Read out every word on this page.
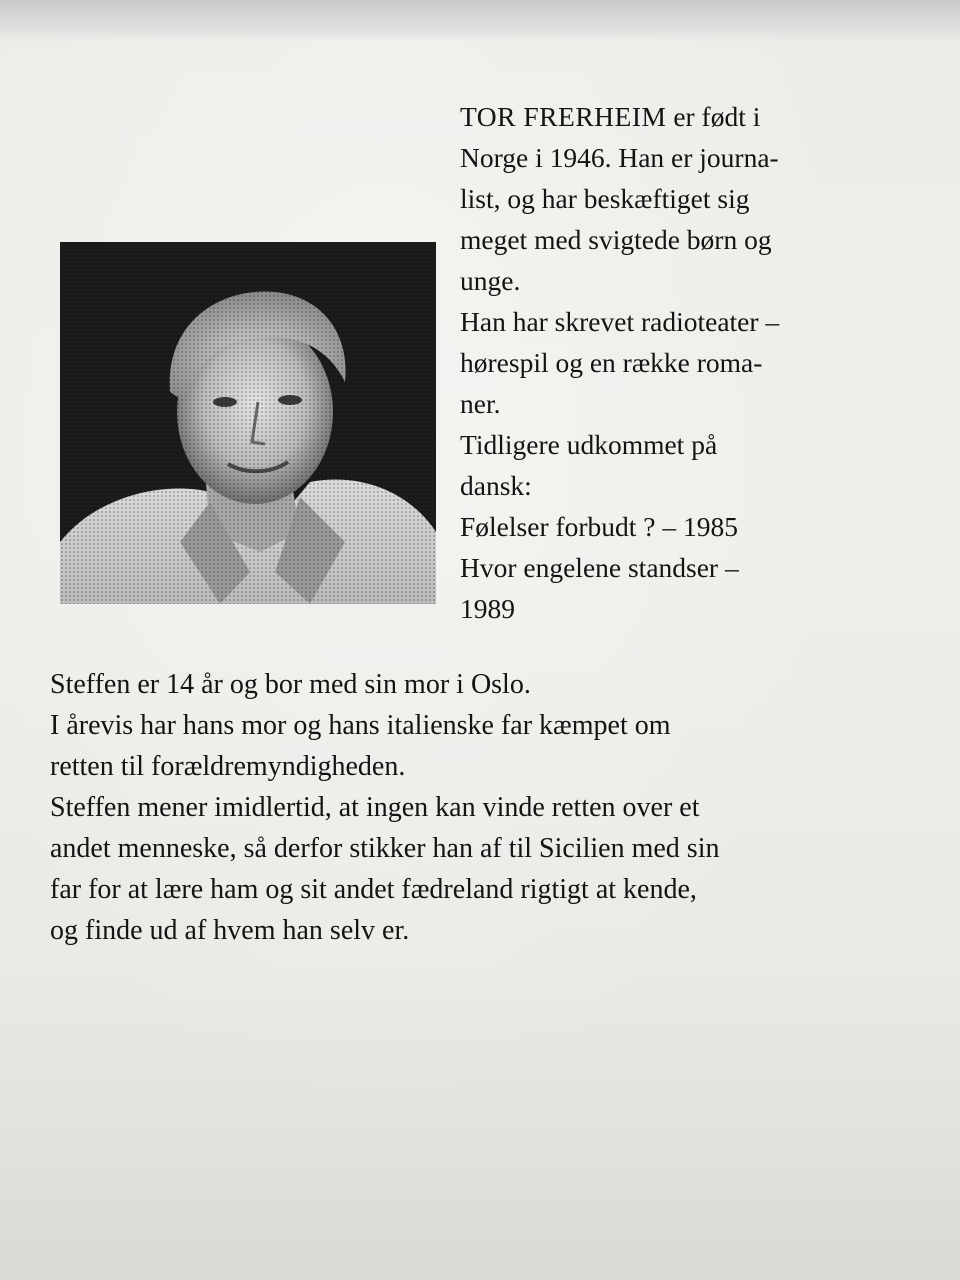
TOR FRERHEIM er født i
Norge i 1946. Han er journa-
list, og har beskæftiget sig
meget med svigtede børn og
unge.
Han har skrevet radioteater –
hørespil og en række roma-
ner.
Tidligere udkommet på
dansk:
Følelser forbudt ? – 1985
Hvor engelene standser –
1989
Steffen er 14 år og bor med sin mor i Oslo.
I årevis har hans mor og hans italienske far kæmpet om
retten til forældremyndigheden.
Steffen mener imidlertid, at ingen kan vinde retten over et
andet menneske, så derfor stikker han af til Sicilien med sin
far for at lære ham og sit andet fædreland rigtigt at kende,
og finde ud af hvem han selv er.
